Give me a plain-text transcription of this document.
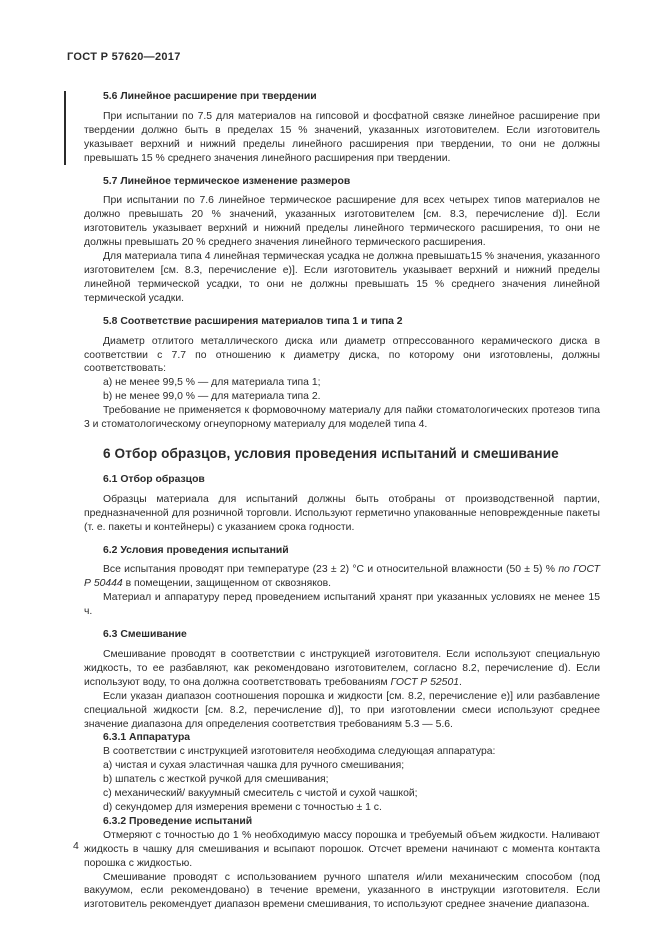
ГОСТ Р 57620—2017
5.6 Линейное расширение при твердении

При испытании по 7.5 для материалов на гипсовой и фосфатной связке линейное расширение при твердении должно быть в пределах 15 % значений, указанных изготовителем. Если изготовитель указывает верхний и нижний пределы линейного расширения при твердении, то они не должны превышать 15 % среднего значения линейного расширения при твердении.

5.7 Линейное термическое изменение размеров

При испытании по 7.6 линейное термическое расширение для всех четырех типов материалов не должно превышать 20 % значений, указанных изготовителем [см. 8.3, перечисление d)]. Если изготовитель указывает верхний и нижний пределы линейного термического расширения, то они не должны превышать 20 % среднего значения линейного термического расширения.

Для материала типа 4 линейная термическая усадка не должна превышать15 % значения, указанного изготовителем [см. 8.3, перечисление e)]. Если изготовитель указывает верхний и нижний пределы линейной термической усадки, то они не должны превышать 15 % среднего значения линейной термической усадки.

5.8 Соответствие расширения материалов типа 1 и типа 2

Диаметр отлитого металлического диска или диаметр отпрессованного керамического диска в соответствии с 7.7 по отношению к диаметру диска, по которому они изготовлены, должны соответствовать:

a) не менее 99,5 % — для материала типа 1;

b) не менее 99,0 % — для материала типа 2.

Требование не применяется к формовочному материалу для пайки стоматологических протезов типа 3 и стоматологическому огнеупорному материалу для моделей типа 4.

6 Отбор образцов, условия проведения испытаний и смешивание
6.1 Отбор образцов

Образцы материала для испытаний должны быть отобраны от производственной партии, предназначенной для розничной торговли. Используют герметично упакованные неповрежденные пакеты (т. е. пакеты и контейнеры) с указанием срока годности.

6.2 Условия проведения испытаний

Все испытания проводят при температуре (23 ± 2) °С и относительной влажности (50 ± 5) % по ГОСТ Р 50444 в помещении, защищенном от сквозняков.

Материал и аппаратуру перед проведением испытаний хранят при указанных условиях не менее 15 ч.

6.3 Смешивание

Смешивание проводят в соответствии с инструкцией изготовителя. Если используют специальную жидкость, то ее разбавляют, как рекомендовано изготовителем, согласно 8.2, перечисление d). Если используют воду, то она должна соответствовать требованиям ГОСТ Р 52501.

Если указан диапазон соотношения порошка и жидкости [см. 8.2, перечисление e)] или разбавление специальной жидкости [см. 8.2, перечисление d)], то при изготовлении смеси используют среднее значение диапазона для определения соответствия требованиям 5.3 — 5.6.

6.3.1 Аппаратура

В соответствии с инструкцией изготовителя необходима следующая аппаратура:

a) чистая и сухая эластичная чашка для ручного смешивания;

b) шпатель с жесткой ручкой для смешивания;

c) механический/ вакуумный смеситель с чистой и сухой чашкой;

d) секундомер для измерения времени с точностью ± 1 с.

6.3.2 Проведение испытаний

Отмеряют с точностью до 1 % необходимую массу порошка и требуемый объем жидкости. Наливают жидкость в чашку для смешивания и всыпают порошок. Отсчет времени начинают с момента контакта порошка с жидкостью.

Смешивание проводят с использованием ручного шпателя и/или механическим способом (под вакуумом, если рекомендовано) в течение времени, указанного в инструкции изготовителя. Если изготовитель рекомендует диапазон времени смешивания, то используют среднее значение диапазона.

4
